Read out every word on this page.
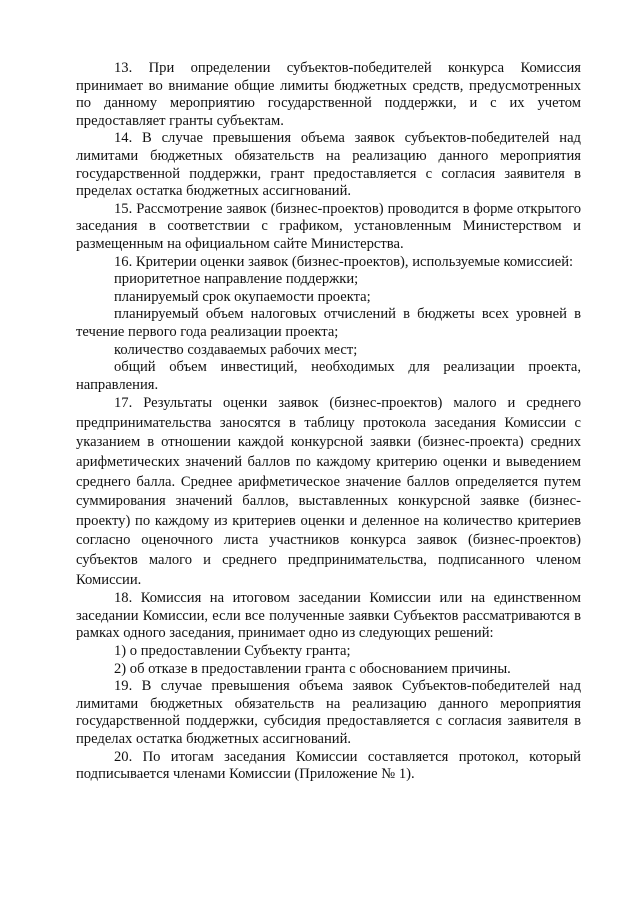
13. При определении субъектов-победителей конкурса Комиссия принимает во внимание общие лимиты бюджетных средств, предусмотренных по данному мероприятию государственной поддержки, и с их учетом предоставляет гранты субъектам.

14. В случае превышения объема заявок субъектов-победителей над лимитами бюджетных обязательств на реализацию данного мероприятия государственной поддержки, грант предоставляется с согласия заявителя в пределах остатка бюджетных ассигнований.

15. Рассмотрение заявок (бизнес-проектов) проводится в форме открытого заседания в соответствии с графиком, установленным Министерством и размещенным на официальном сайте Министерства.

16. Критерии оценки заявок (бизнес-проектов), используемые комиссией:

приоритетное направление поддержки;

планируемый срок окупаемости проекта;

планируемый объем налоговых отчислений в бюджеты всех уровней в течение первого года реализации проекта;

количество создаваемых рабочих мест;

общий объем инвестиций, необходимых для реализации проекта, направления.

17. Результаты оценки заявок (бизнес-проектов) малого и среднего предпринимательства заносятся в таблицу протокола заседания Комиссии с указанием в отношении каждой конкурсной заявки (бизнес-проекта) средних арифметических значений баллов по каждому критерию оценки и выведением среднего балла. Среднее арифметическое значение баллов определяется путем суммирования значений баллов, выставленных конкурсной заявке (бизнес-проекту) по каждому из критериев оценки и деленное на количество критериев согласно оценочного листа участников конкурса заявок (бизнес-проектов) субъектов малого и среднего предпринимательства, подписанного членом Комиссии.

18. Комиссия на итоговом заседании Комиссии или на единственном заседании Комиссии, если все полученные заявки Субъектов рассматриваются в рамках одного заседания, принимает одно из следующих решений:

1) о предоставлении Субъекту гранта;

2) об отказе в предоставлении гранта с обоснованием причины.

19. В случае превышения объема заявок Субъектов-победителей над лимитами бюджетных обязательств на реализацию данного мероприятия государственной поддержки, субсидия предоставляется с согласия заявителя в пределах остатка бюджетных ассигнований.

20. По итогам заседания Комиссии составляется протокол, который подписывается членами Комиссии (Приложение № 1).
